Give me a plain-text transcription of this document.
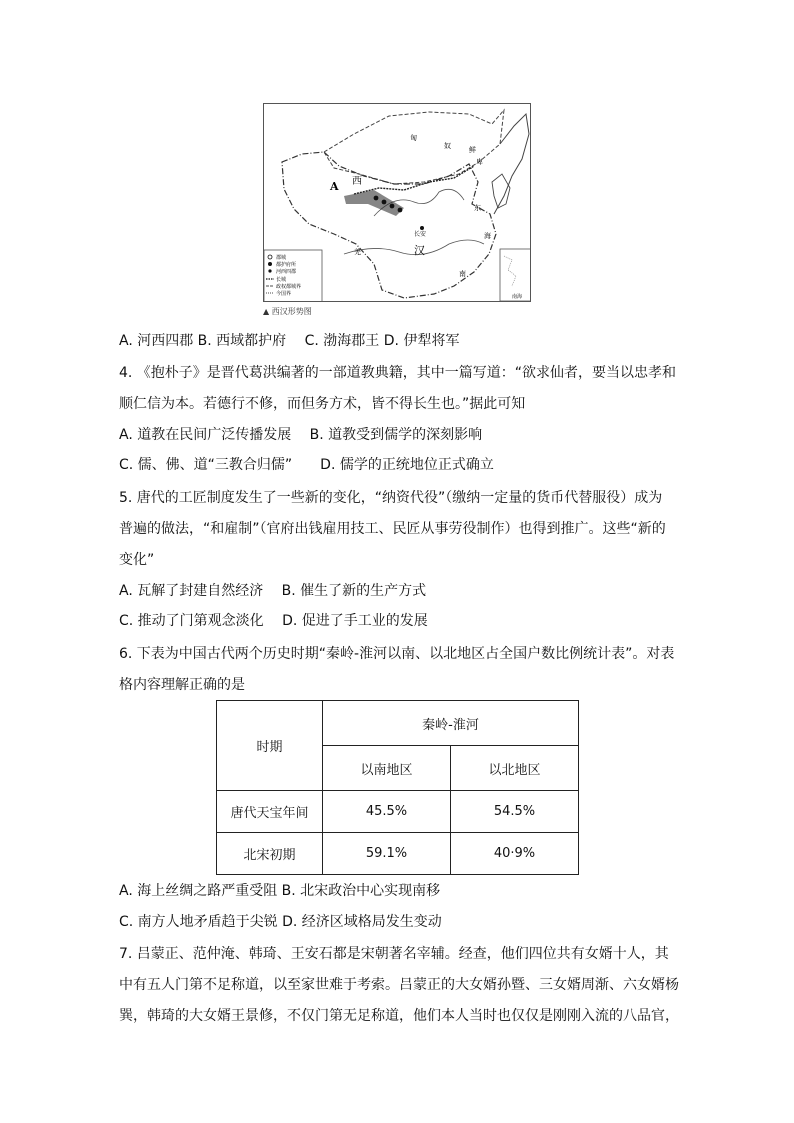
A 西
匈
奴
汉
长安
东
海
南
羌
鲜
卑
郡城
都护府所
河西四郡
长城
政权都城界
今国界	南海
▲ 西汉形势图
A. 河西四郡 B. 西域都护府　 C. 渤海郡王 D. 伊犁将军
4. 《抱朴子》是晋代葛洪编著的一部道教典籍，其中一篇写道：“欲求仙者，要当以忠孝和
顺仁信为本。若德行不修，而但务方术，皆不得长生也。”据此可知
A. 道教在民间广泛传播发展　 B. 道教受到儒学的深刻影响
C. 儒、佛、道“三教合归儒”　　D. 儒学的正统地位正式确立
5. 唐代的工匠制度发生了一些新的变化，“纳资代役”（缴纳一定量的货币代替服役）成为
普遍的做法，“和雇制”（官府出钱雇用技工、民匠从事劳役制作）也得到推广。这些“新的
变化”
A. 瓦解了封建自然经济　 B. 催生了新的生产方式
C. 推动了门第观念淡化　 D. 促进了手工业的发展
6. 下表为中国古代两个历史时期“秦岭-淮河以南、以北地区占全国户数比例统计表”。对表
格内容理解正确的是
时期	秦岭-淮河	
	以南地区	以北地区
唐代天宝年间	45.5%	54.5%
北宋初期	59.1%	40·9%
A. 海上丝绸之路严重受阻 B. 北宋政治中心实现南移
C. 南方人地矛盾趋于尖锐 D. 经济区域格局发生变动
7. 吕蒙正、范仲淹、韩琦、王安石都是宋朝著名宰辅。经查，他们四位共有女婿十人，其
中有五人门第不足称道，以至家世难于考索。吕蒙正的大女婿孙暨、三女婿周渐、六女婿杨
巽，韩琦的大女婿王景修，不仅门第无足称道，他们本人当时也仅仅是刚刚入流的八品官，
